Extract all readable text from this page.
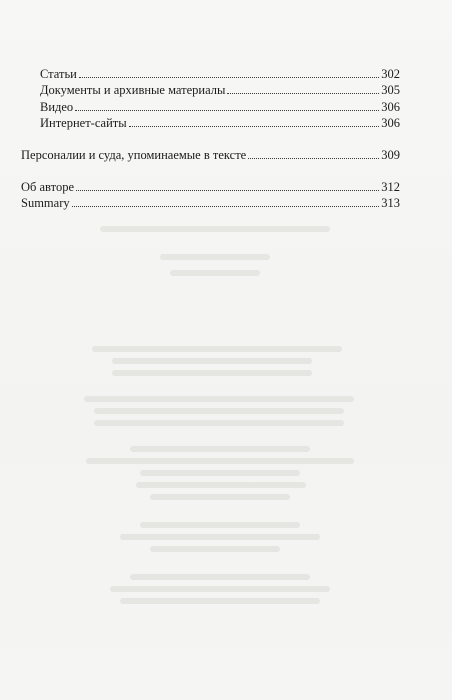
Статьи	302
Документы и архивные материалы	305
Видео	306
Интернет-сайты	306
Персоналии и суда, упоминаемые в тексте	309
Об авторе	312
Summary	313
